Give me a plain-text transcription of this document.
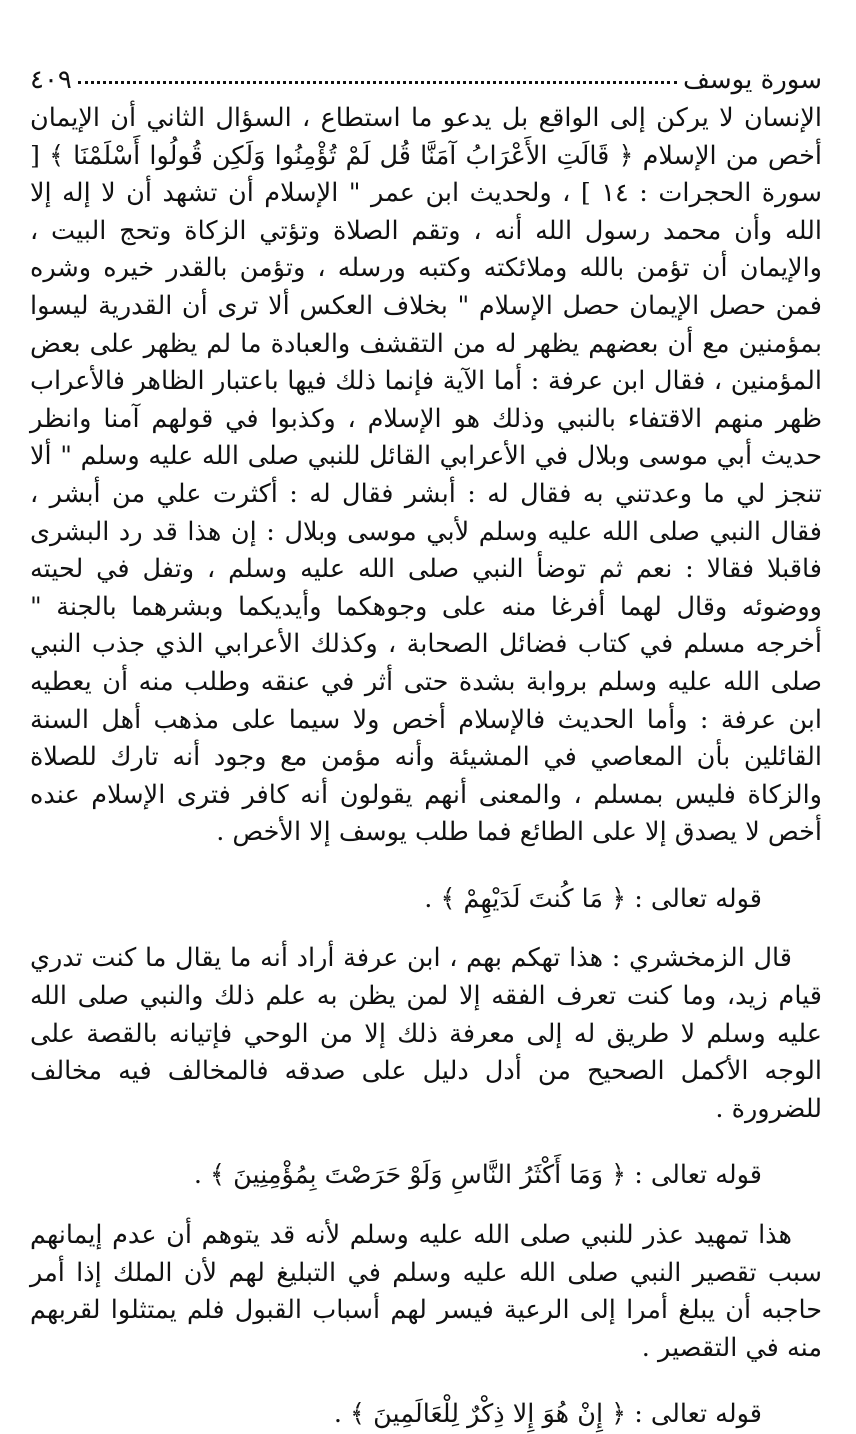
سورة يوسف
٤٠٩

الإنسان لا يركن إلى الواقع بل يدعو ما استطاع ، السؤال الثاني أن الإيمان أخص من الإسلام ﴿ قَالَتِ الأَعْرَابُ آمَنَّا قُل لَمْ تُؤْمِنُوا وَلَكِن قُولُوا أَسْلَمْنَا ﴾ [ سورة الحجرات : ١٤ ] ، ولحديث ابن عمر " الإسلام أن تشهد أن لا إله إلا الله وأن محمد رسول الله أنه ، وتقم الصلاة وتؤتي الزكاة وتحج البيت ، والإيمان أن تؤمن بالله وملائكته وكتبه ورسله ، وتؤمن بالقدر خيره وشره فمن حصل الإيمان حصل الإسلام " بخلاف العكس ألا ترى أن القدرية ليسوا بمؤمنين مع أن بعضهم يظهر له من التقشف والعبادة ما لم يظهر على بعض المؤمنين ، فقال ابن عرفة : أما الآية فإنما ذلك فيها باعتبار الظاهر فالأعراب ظهر منهم الاقتفاء بالنبي وذلك هو الإسلام ، وكذبوا في قولهم آمنا وانظر حديث أبي موسى وبلال في الأعرابي القائل للنبي صلى الله عليه وسلم " ألا تنجز لي ما وعدتني به فقال له : أبشر فقال له : أكثرت علي من أبشر ، فقال النبي صلى الله عليه وسلم لأبي موسى وبلال : إن هذا قد رد البشرى فاقبلا فقالا : نعم ثم توضأ النبي صلى الله عليه وسلم ، وتفل في لحيته ووضوئه وقال لهما أفرغا منه على وجوهكما وأيديكما وبشرهما بالجنة " أخرجه مسلم في كتاب فضائل الصحابة ، وكذلك الأعرابي الذي جذب النبي صلى الله عليه وسلم بروابة بشدة حتى أثر في عنقه وطلب منه أن يعطيه ابن عرفة : وأما الحديث فالإسلام أخص ولا سيما على مذهب أهل السنة القائلين بأن المعاصي في المشيئة وأنه مؤمن مع وجود أنه تارك للصلاة والزكاة فليس بمسلم ، والمعنى أنهم يقولون أنه كافر فترى الإسلام عنده أخص لا يصدق إلا على الطائع فما طلب يوسف إلا الأخص .

قوله تعالى : ﴿ مَا كُنتَ لَدَيْهِمْ ﴾ .

قال الزمخشري : هذا تهكم بهم ، ابن عرفة أراد أنه ما يقال ما كنت تدري قيام زيد، وما كنت تعرف الفقه إلا لمن يظن به علم ذلك والنبي صلى الله عليه وسلم لا طريق له إلى معرفة ذلك إلا من الوحي فإتيانه بالقصة على الوجه الأكمل الصحيح من أدل دليل على صدقه فالمخالف فيه مخالف للضرورة .

قوله تعالى : ﴿ وَمَا أَكْثَرُ النَّاسِ وَلَوْ حَرَصْتَ بِمُؤْمِنِينَ ﴾ .

هذا تمهيد عذر للنبي صلى الله عليه وسلم لأنه قد يتوهم أن عدم إيمانهم سبب تقصير النبي صلى الله عليه وسلم في التبليغ لهم لأن الملك إذا أمر حاجبه أن يبلغ أمرا إلى الرعية فيسر لهم أسباب القبول فلم يمتثلوا لقربهم منه في التقصير .

قوله تعالى : ﴿ إِنْ هُوَ إِلا ذِكْرٌ لِلْعَالَمِينَ ﴾ .
